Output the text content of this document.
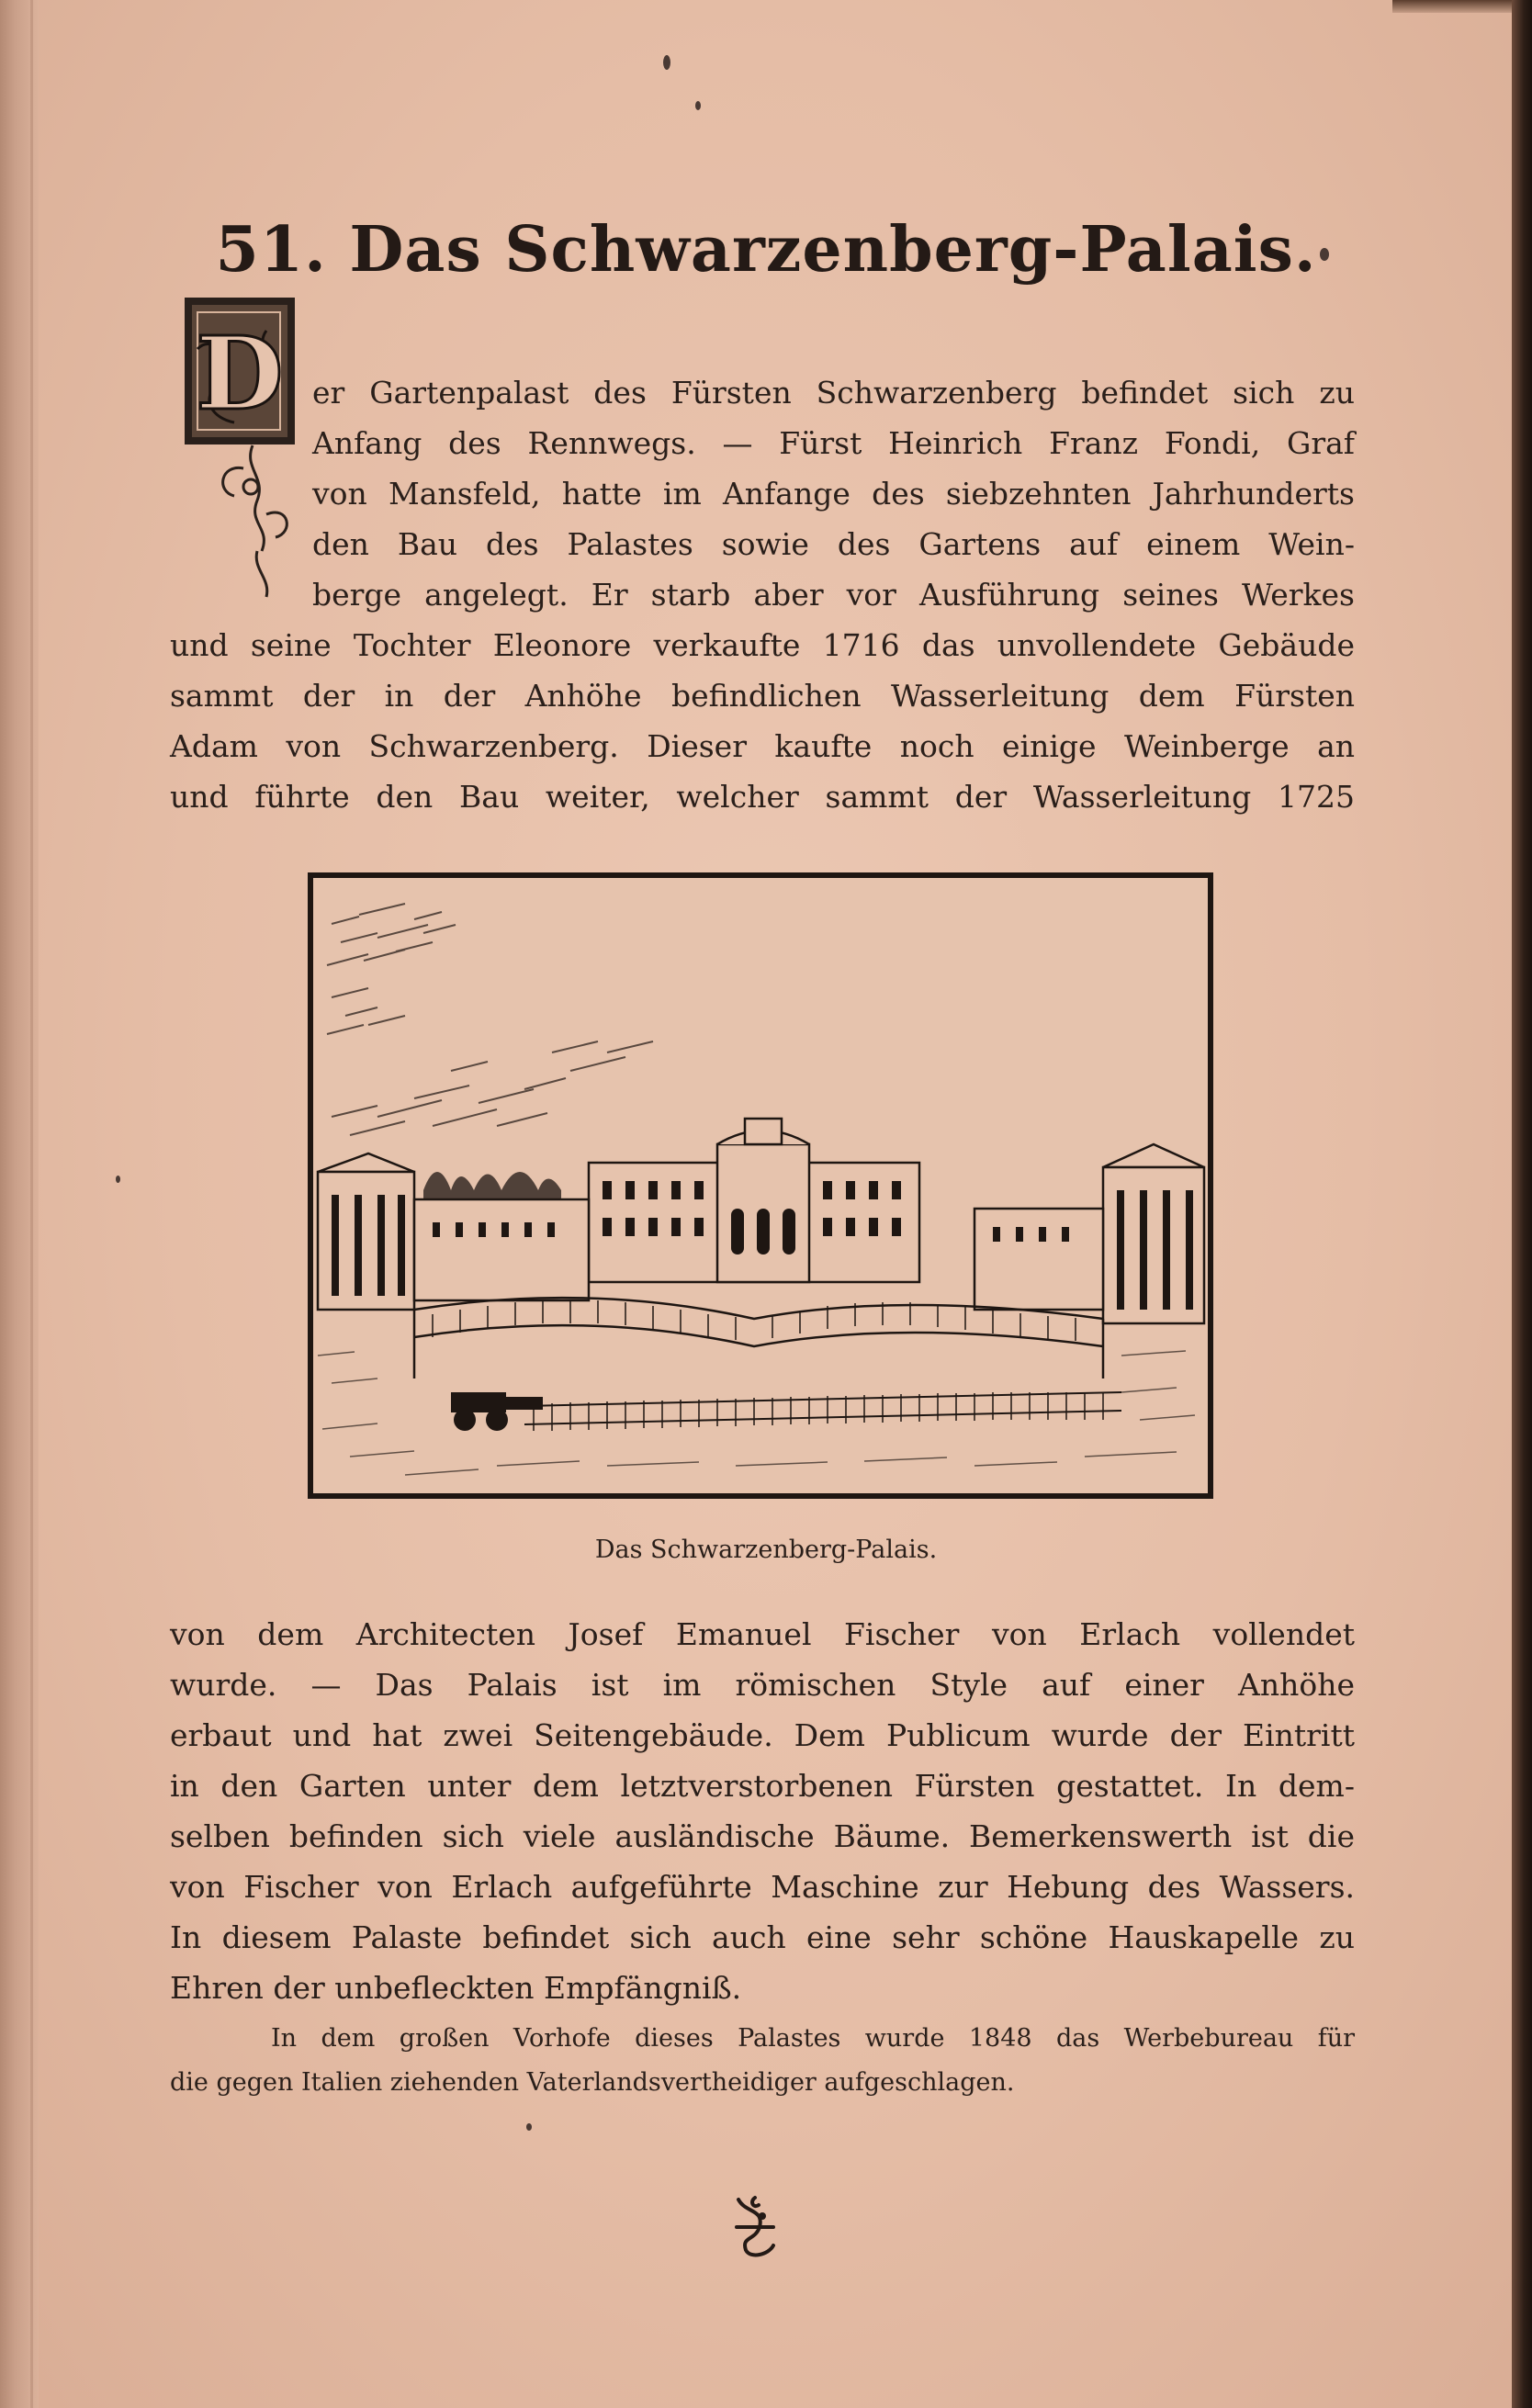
51. Das Schwarzenberg-Palais.
D er Gartenpalast des Fürsten Schwarzenberg befindet sich zu
Anfang des Rennwegs. — Fürst Heinrich Franz Fondi, Graf
von Mansfeld, hatte im Anfange des siebzehnten Jahrhunderts
den Bau des Palastes sowie des Gartens auf einem Wein-
berge angelegt. Er starb aber vor Ausführung seines Werkes
und seine Tochter Eleonore verkaufte 1716 das unvollendete Gebäude
sammt der in der Anhöhe befindlichen Wasserleitung dem Fürsten
Adam von Schwarzenberg. Dieser kaufte noch einige Weinberge an
und führte den Bau weiter, welcher sammt der Wasserleitung 1725
Das Schwarzenberg-Palais.
von dem Architecten Josef Emanuel Fischer von Erlach vollendet
wurde. — Das Palais ist im römischen Style auf einer Anhöhe
erbaut und hat zwei Seitengebäude. Dem Publicum wurde der Eintritt
in den Garten unter dem letztverstorbenen Fürsten gestattet. In dem-
selben befinden sich viele ausländische Bäume. Bemerkenswerth ist die
von Fischer von Erlach aufgeführte Maschine zur Hebung des Wassers.
In diesem Palaste befindet sich auch eine sehr schöne Hauskapelle zu
Ehren der unbefleckten Empfängniß.
In dem großen Vorhofe dieses Palastes wurde 1848 das Werbebureau für
die gegen Italien ziehenden Vaterlandsvertheidiger aufgeschlagen.
